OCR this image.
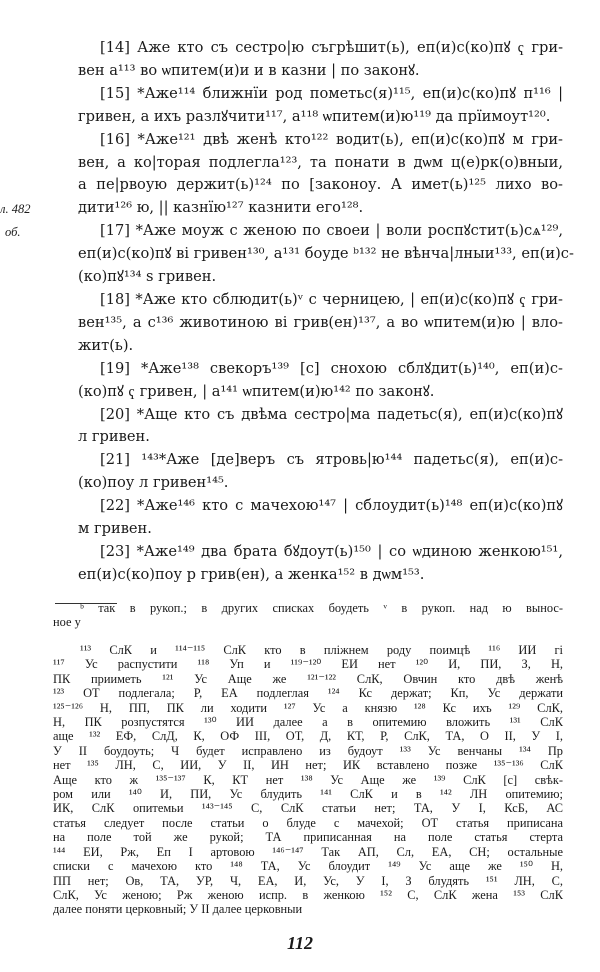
[14] Аже кто съ сестро|ю съгрѣшит(ь), еп(и)с(ко)пꙋ ҁ гри-
вен а¹¹³ во ѡпитем(и)и и в казни | по законꙋ.
[15] *Аже¹¹⁴ ближнїи род пометьс(я)¹¹⁵, еп(и)с(ко)пꙋ п¹¹⁶ |
гривен, а ихъ разлꙋчити¹¹⁷, а¹¹⁸ ѡпитем(и)ю¹¹⁹ да прїимоут¹²⁰.
[16] *Аже¹²¹ двѣ женѣ кто¹²² водит(ь), еп(и)с(ко)пꙋ м гри-
вен, а ко|торая подлегла¹²³, та понати в дѡм ц(е)рк(о)вныи,
а пе|рвоую держит(ь)¹²⁴ по [законоу. А имет(ь)¹²⁵ лихо во-
дити¹²⁶ ю, || казнїю¹²⁷ казнити его¹²⁸.
[17] *Аже моуж с женою по своеи | воли роспꙋстит(ь)сѧ¹²⁹,
еп(и)с(ко)пꙋ ві гривен¹³⁰, а¹³¹ боуде ᵇ¹³² не вѣнча|лныи¹³³, еп(и)с-
(ко)пꙋ¹³⁴ ѕ гривен.
[18] *Аже кто сблюдит(ь)ᵛ с черницею, | еп(и)с(ко)пꙋ ҁ гри-
вен¹³⁵, а с¹³⁶ животиною ві грив(ен)¹³⁷, а во ѡпитем(и)ю | вло-
жит(ь).
[19] *Аже¹³⁸ свекоръ¹³⁹ [с] снохою сблꙋдит(ь)¹⁴⁰, еп(и)с-
(ко)пꙋ ҁ гривен, | а¹⁴¹ ѡпитем(и)ю¹⁴² по законꙋ.
[20] *Аще кто съ двѣма сестро|ма падетьс(я), еп(и)с(ко)пꙋ
л гривен.
[21] ¹⁴³*Аже [де]веръ съ ятровь|ю¹⁴⁴ падетьс(я), еп(и)с-
(ко)поу л гривен¹⁴⁵.
[22] *Аже¹⁴⁶ кто с мачехою¹⁴⁷ | сблоудит(ь)¹⁴⁸ еп(и)с(ко)пꙋ
м гривен.
[23] *Аже¹⁴⁹ два брата бꙋдоут(ь)¹⁵⁰ | со ѡдиною женкою¹⁵¹,
еп(и)с(ко)поу р грив(ен), а женка¹⁵² в дѡм¹⁵³.
л. 482
об.
ᵇ так в рукоп.; в других списках боудеть ᵛ в рукоп. над ю вынос-
ное у
¹¹³ СлК и ¹¹⁴⁻¹¹⁵ СлК кто в пліжнем роду поимцѣ ¹¹⁶ ИИ гі
¹¹⁷ Ус распустити ¹¹⁸ Уп и ¹¹⁹⁻¹²⁰ ЕИ нет ¹²⁰ И, ПИ, З, Н,
ПК прииметь ¹²¹ Ус Аще же ¹²¹⁻¹²² СлК, Овчин кто двѣ женѣ
¹²³ ОТ подлегала; Р, ЕА подлеглая ¹²⁴ Кс держат; Кп, Ус держати
¹²⁵⁻¹²⁶ Н, ПП, ПК ли ходити ¹²⁷ Ус а князю ¹²⁸ Кс ихъ ¹²⁹ СлК,
Н, ПК розпустятся ¹³⁰ ИИ далее а в опитемию вложить ¹³¹ СлК
аще ¹³² ЕФ, СлД, К, ОФ III, ОТ, Д, КТ, Р, СлК, ТА, О II, У I,
У II боудоуть; Ч будет исправлено из будоут ¹³³ Ус венчаны ¹³⁴ Пр
нет ¹³⁵ ЛН, С, ИИ, У II, ИН нет; ИК вставлено позже ¹³⁵⁻¹³⁶ СлК
Аще кто ж ¹³⁵⁻¹³⁷ К, КТ нет ¹³⁸ Ус Аще же ¹³⁹ СлК [с] свѣк-
ром или ¹⁴⁰ И, ПИ, Ус блудить ¹⁴¹ СлК и в ¹⁴² ЛН опитемию;
ИК, СлК опитемьи ¹⁴³⁻¹⁴⁵ С, СлК статьи нет; ТА, У I, КсБ, АС
статья следует после статьи о блуде с мачехой; ОТ статья приписана
на поле той же рукой; ТА приписанная на поле статья стерта
¹⁴⁴ ЕИ, Рж, Еп I артовою ¹⁴⁶⁻¹⁴⁷ Так АП, Сл, ЕА, СН; остальные
списки с мачехою кто ¹⁴⁸ ТА, Ус блоудит ¹⁴⁹ Ус аще же ¹⁵⁰ Н,
ПП нет; Ов, ТА, УР, Ч, ЕА, И, Ус, У I, З блудять ¹⁵¹ ЛН, С,
СлК, Ус женою; Рж женою испр. в женкою ¹⁵² С, СлК жена ¹⁵³ СлК
далее поняти церковный; У II далее церковныи
112
